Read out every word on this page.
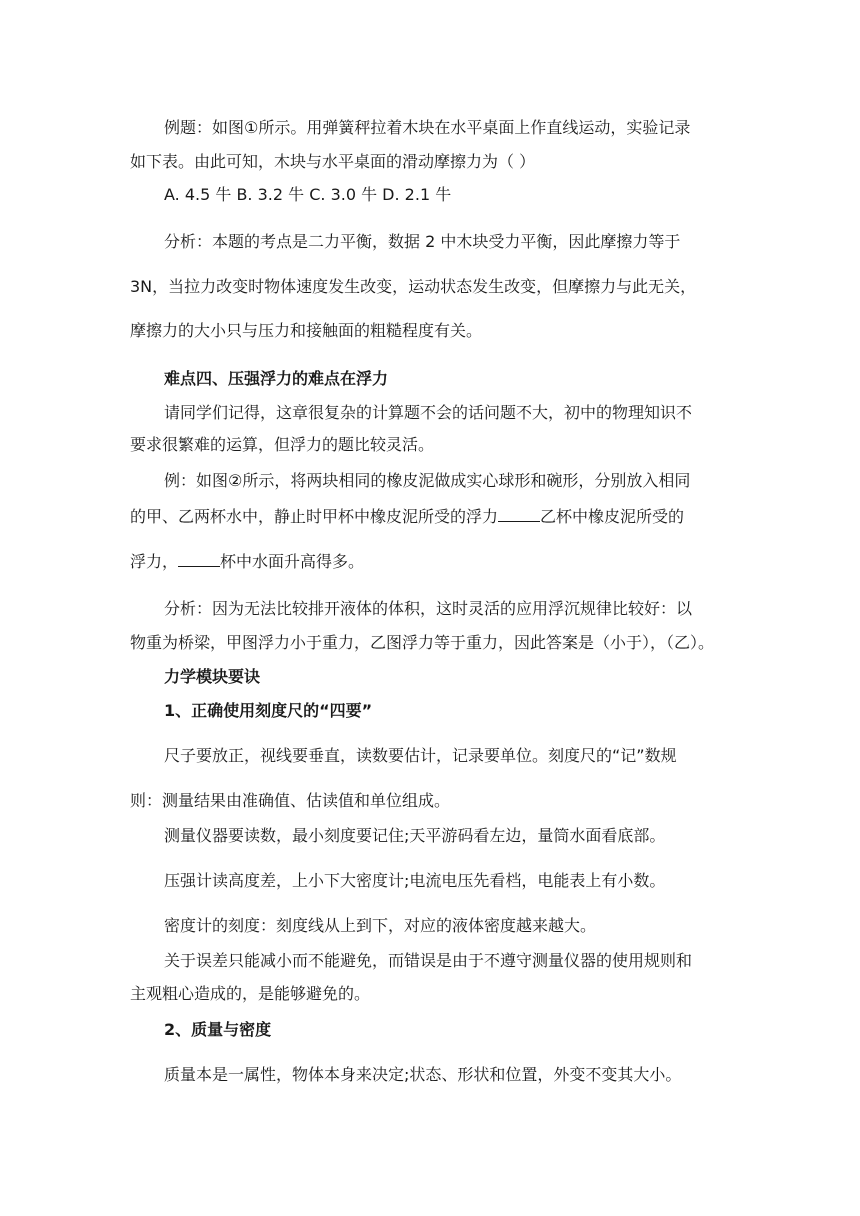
例题：如图①所示。用弹簧秤拉着木块在水平桌面上作直线运动，实验记录
如下表。由此可知，木块与水平桌面的滑动摩擦力为（ ）
A. 4.5 牛 B. 3.2 牛 C. 3.0 牛 D. 2.1 牛
分析：本题的考点是二力平衡，数据 2 中木块受力平衡，因此摩擦力等于
3N，当拉力改变时物体速度发生改变，运动状态发生改变，但摩擦力与此无关，
摩擦力的大小只与压力和接触面的粗糙程度有关。
难点四、压强浮力的难点在浮力
请同学们记得，这章很复杂的计算题不会的话问题不大，初中的物理知识不
要求很繁难的运算，但浮力的题比较灵活。
例：如图②所示，将两块相同的橡皮泥做成实心球形和碗形，分别放入相同
的甲、乙两杯水中，静止时甲杯中橡皮泥所受的浮力	乙杯中橡皮泥所受的
浮力，	杯中水面升高得多。
分析：因为无法比较排开液体的体积，这时灵活的应用浮沉规律比较好：以
物重为桥梁，甲图浮力小于重力，乙图浮力等于重力，因此答案是（小于），（乙）。
力学模块要诀
1、正确使用刻度尺的“四要”
尺子要放正，视线要垂直，读数要估计，记录要单位。刻度尺的“记”数规
则：测量结果由准确值、估读值和单位组成。
测量仪器要读数，最小刻度要记住;天平游码看左边，量筒水面看底部。
压强计读高度差，上小下大密度计;电流电压先看档，电能表上有小数。
密度计的刻度：刻度线从上到下，对应的液体密度越来越大。
关于误差只能减小而不能避免，而错误是由于不遵守测量仪器的使用规则和
主观粗心造成的，是能够避免的。
2、质量与密度
质量本是一属性，物体本身来决定;状态、形状和位置，外变不变其大小。
